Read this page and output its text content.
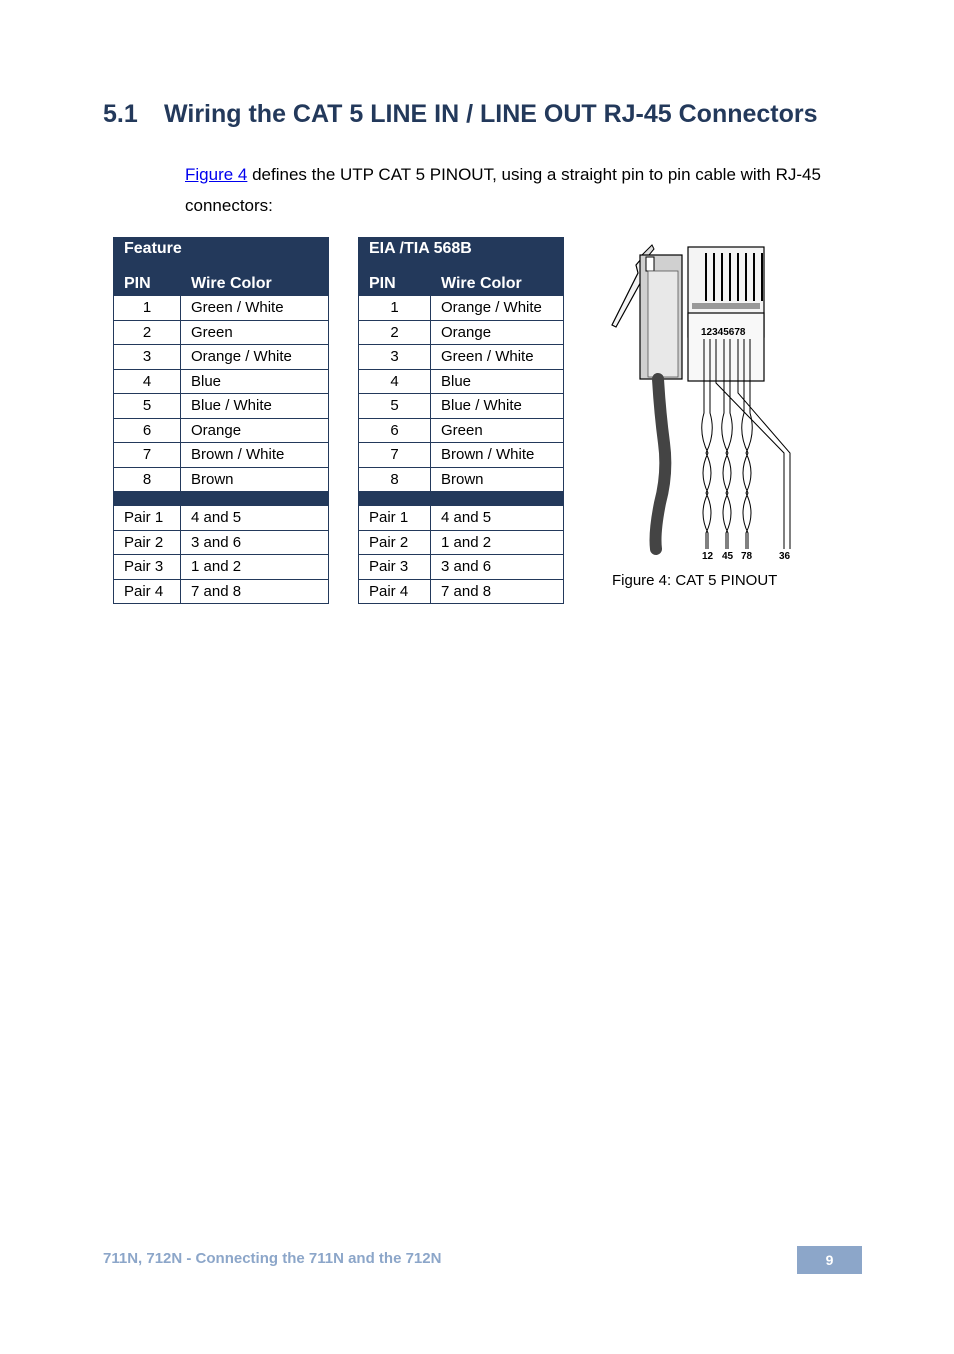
5.1 Wiring the CAT 5 LINE IN / LINE OUT RJ-45 Connectors

Figure 4 defines the UTP CAT 5 PINOUT, using a straight pin to pin cable with RJ-45 connectors:

Feature	
PIN	Wire Color
1	Green / White
2	Green
3	Orange / White
4	Blue
5	Blue / White
6	Orange
7	Brown / White
8	Brown

Pair 1	4 and 5
Pair 2	3 and 6
Pair 3	1 and 2
Pair 4	7 and 8
EIA /TIA 568B	
PIN	Wire Color
1	Orange / White
2	Orange
3	Green / White
4	Blue
5	Blue / White
6	Green
7	Brown / White
8	Brown

Pair 1	4 and 5
Pair 2	1 and 2
Pair 3	3 and 6
Pair 4	7 and 8
12345678
12 45 78	36
Figure 4: CAT 5 PINOUT
711N, 712N - Connecting the 711N and the 712N	9
